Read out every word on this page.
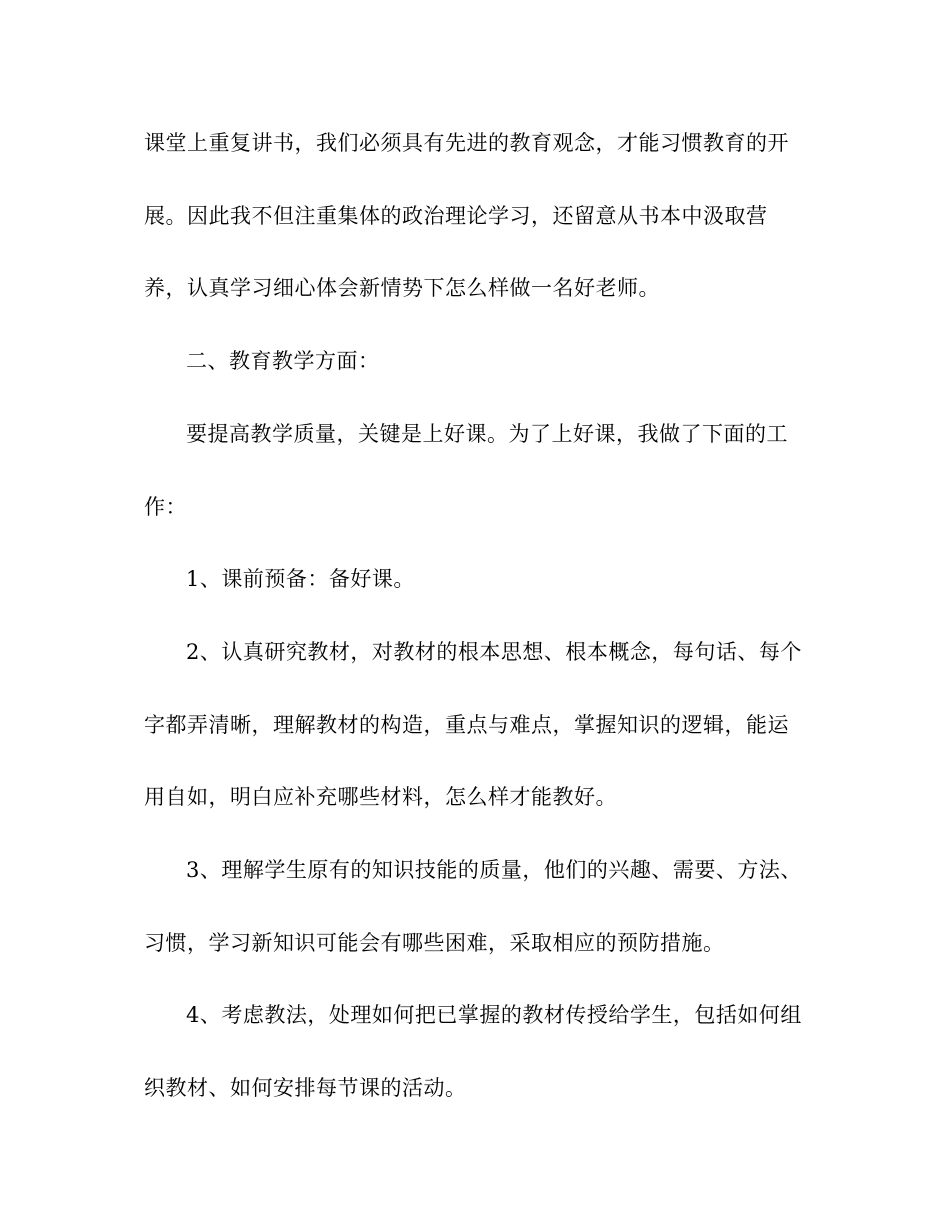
课堂上重复讲书，我们必须具有先进的教育观念，才能习惯教育的开
展。因此我不但注重集体的政治理论学习，还留意从书本中汲取营
养，认真学习细心体会新情势下怎么样做一名好老师。
二、教育教学方面：
要提高教学质量，关键是上好课。为了上好课，我做了下面的工
作：
1、课前预备：备好课。
2、认真研究教材，对教材的根本思想、根本概念，每句话、每个
字都弄清晰，理解教材的构造，重点与难点，掌握知识的逻辑，能运
用自如，明白应补充哪些材料，怎么样才能教好。
3、理解学生原有的知识技能的质量，他们的兴趣、需要、方法、
习惯，学习新知识可能会有哪些困难，采取相应的预防措施。
4、考虑教法，处理如何把已掌握的教材传授给学生，包括如何组
织教材、如何安排每节课的活动。
